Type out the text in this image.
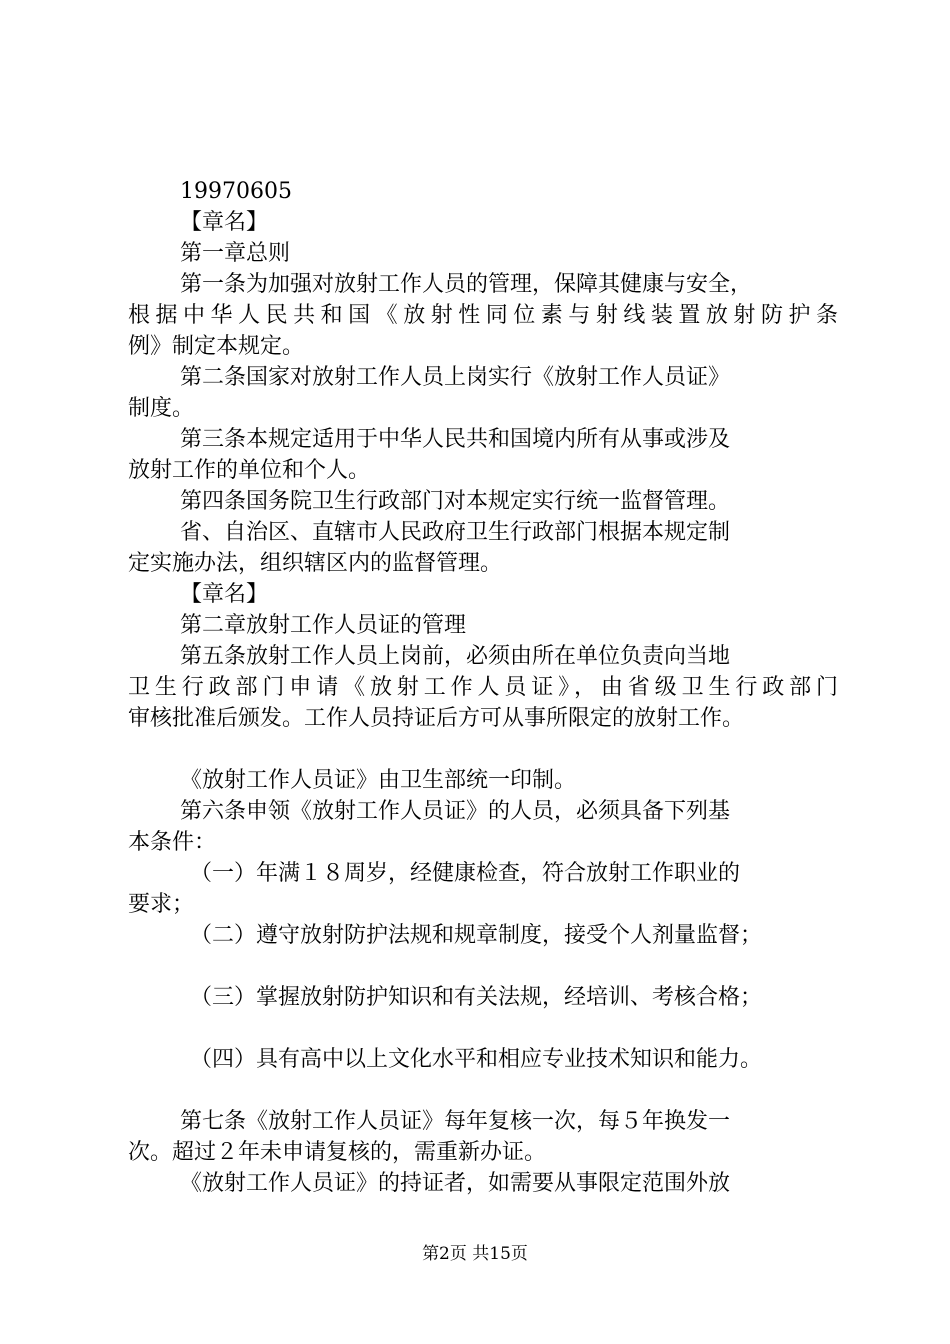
19970605
【章名】
第一章总则
第一条为加强对放射工作人员的管理，保障其健康与安全，
根据中华人民共和国《放射性同位素与射线装置放射防护条
例》制定本规定。
第二条国家对放射工作人员上岗实行《放射工作人员证》
制度。
第三条本规定适用于中华人民共和国境内所有从事或涉及
放射工作的单位和个人。
第四条国务院卫生行政部门对本规定实行统一监督管理。
省、自治区、直辖市人民政府卫生行政部门根据本规定制
定实施办法，组织辖区内的监督管理。
【章名】
第二章放射工作人员证的管理
第五条放射工作人员上岗前，必须由所在单位负责向当地
卫生行政部门申请《放射工作人员证》，由省级卫生行政部门
审核批准后颁发。工作人员持证后方可从事所限定的放射工作。
《放射工作人员证》由卫生部统一印制。
第六条申领《放射工作人员证》的人员，必须具备下列基
本条件：
（一）年满１８周岁，经健康检查，符合放射工作职业的
要求；
（二）遵守放射防护法规和规章制度，接受个人剂量监督；
（三）掌握放射防护知识和有关法规，经培训、考核合格；
（四）具有高中以上文化水平和相应专业技术知识和能力。
第七条《放射工作人员证》每年复核一次，每５年换发一
次。超过２年未申请复核的，需重新办证。
《放射工作人员证》的持证者，如需要从事限定范围外放
第2页 共15页
